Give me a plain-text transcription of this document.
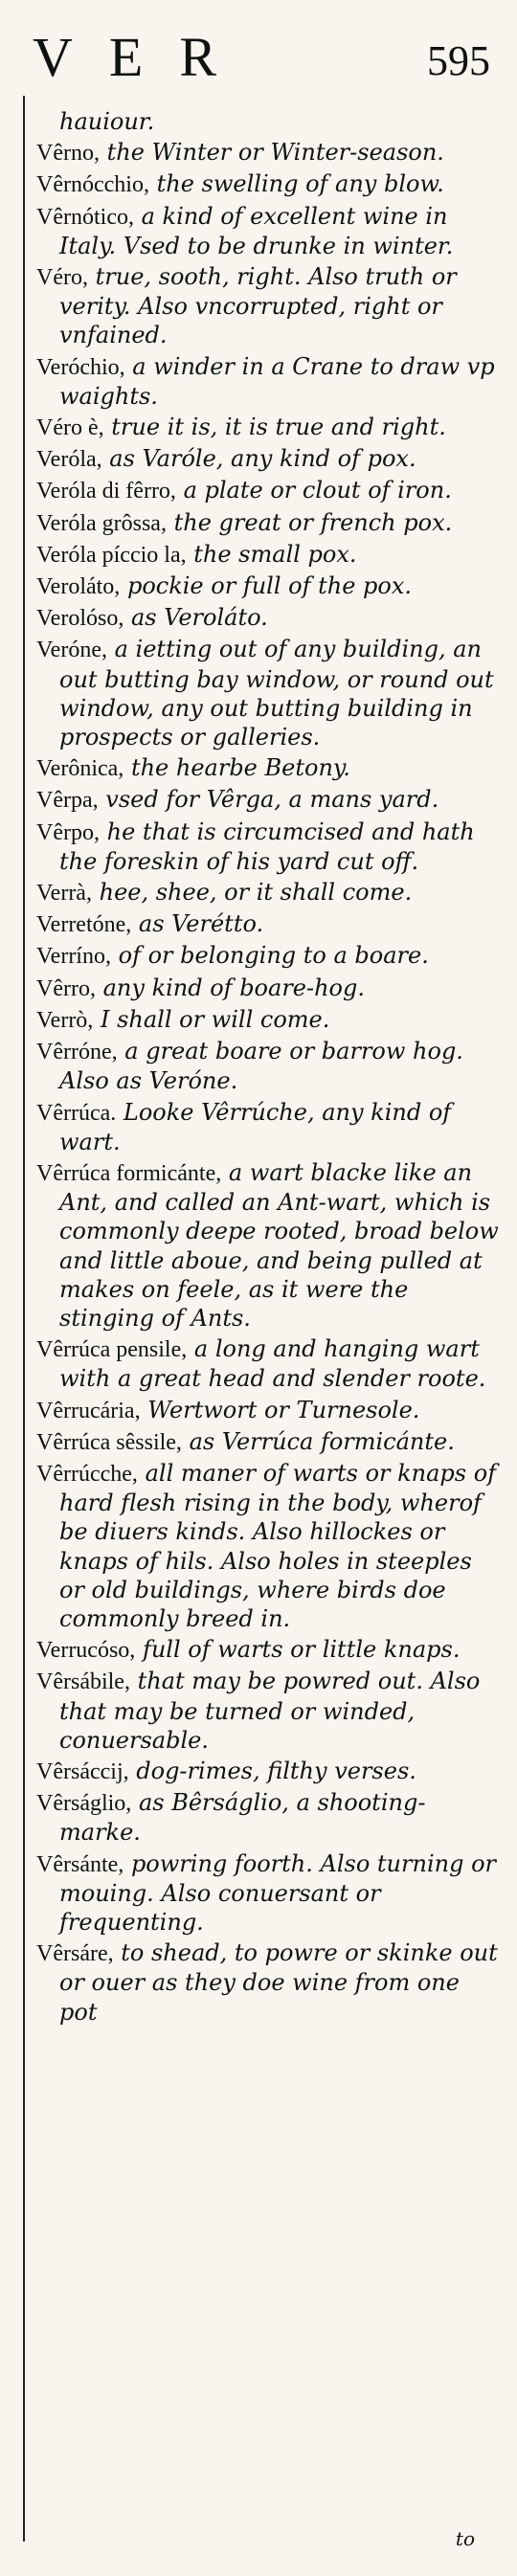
VER	595
hauiour.
Vêrno, the Winter or Winter-season.
Vêrnócchio, the swelling of any blow.
Vêrnótico, a kind of excellent wine in Italy. Vsed to be drunke in winter.
Véro, true, sooth, right. Also truth or verity. Also vncorrupted, right or vnfained.
Veróchio, a winder in a Crane to draw vp waights.
Véro è, true it is, it is true and right.
Veróla, as Varóle, any kind of pox.
Veróla di fêrro, a plate or clout of iron.
Veróla grôssa, the great or french pox.
Veróla píccio la, the small pox.
Veroláto, pockie or full of the pox.
Verolóso, as Veroláto.
Veróne, a ietting out of any building, an out butting bay window, or round out window, any out butting building in prospects or galleries.
Verônica, the hearbe Betony.
Vêrpa, vsed for Vêrga, a mans yard.
Vêrpo, he that is circumcised and hath the foreskin of his yard cut off.
Verrà, hee, shee, or it shall come.
Verretóne, as Verétto.
Verríno, of or belonging to a boare.
Vêrro, any kind of boare-hog.
Verrò, I shall or will come.
Vêrróne, a great boare or barrow hog. Also as Veróne.
Vêrrúca. Looke Vêrrúche, any kind of wart.
Vêrrúca formicánte, a wart blacke like an Ant, and called an Ant-wart, which is commonly deepe rooted, broad below and little aboue, and being pulled at makes on feele, as it were the stinging of Ants.
Vêrrúca pensile, a long and hanging wart with a great head and slender roote.
Vêrrucária, Wertwort or Turnesole.
Vêrrúca sêssile, as Verrúca formicánte.
Vêrrúcche, all maner of warts or knaps of hard flesh rising in the body, wherof be diuers kinds. Also hillockes or knaps of hils. Also holes in steeples or old buildings, where birds doe commonly breed in.
Verrucóso, full of warts or little knaps.
Vêrsábile, that may be powred out. Also that may be turned or winded, conuersable.
Vêrsáccij, dog-rimes, filthy verses.
Vêrságlio, as Bêrságlio, a shooting-marke.
Vêrsánte, powring foorth. Also turning or mouing. Also conuersant or frequenting.
Vêrsáre, to shead, to powre or skinke out or ouer as they doe wine from one pot
to
